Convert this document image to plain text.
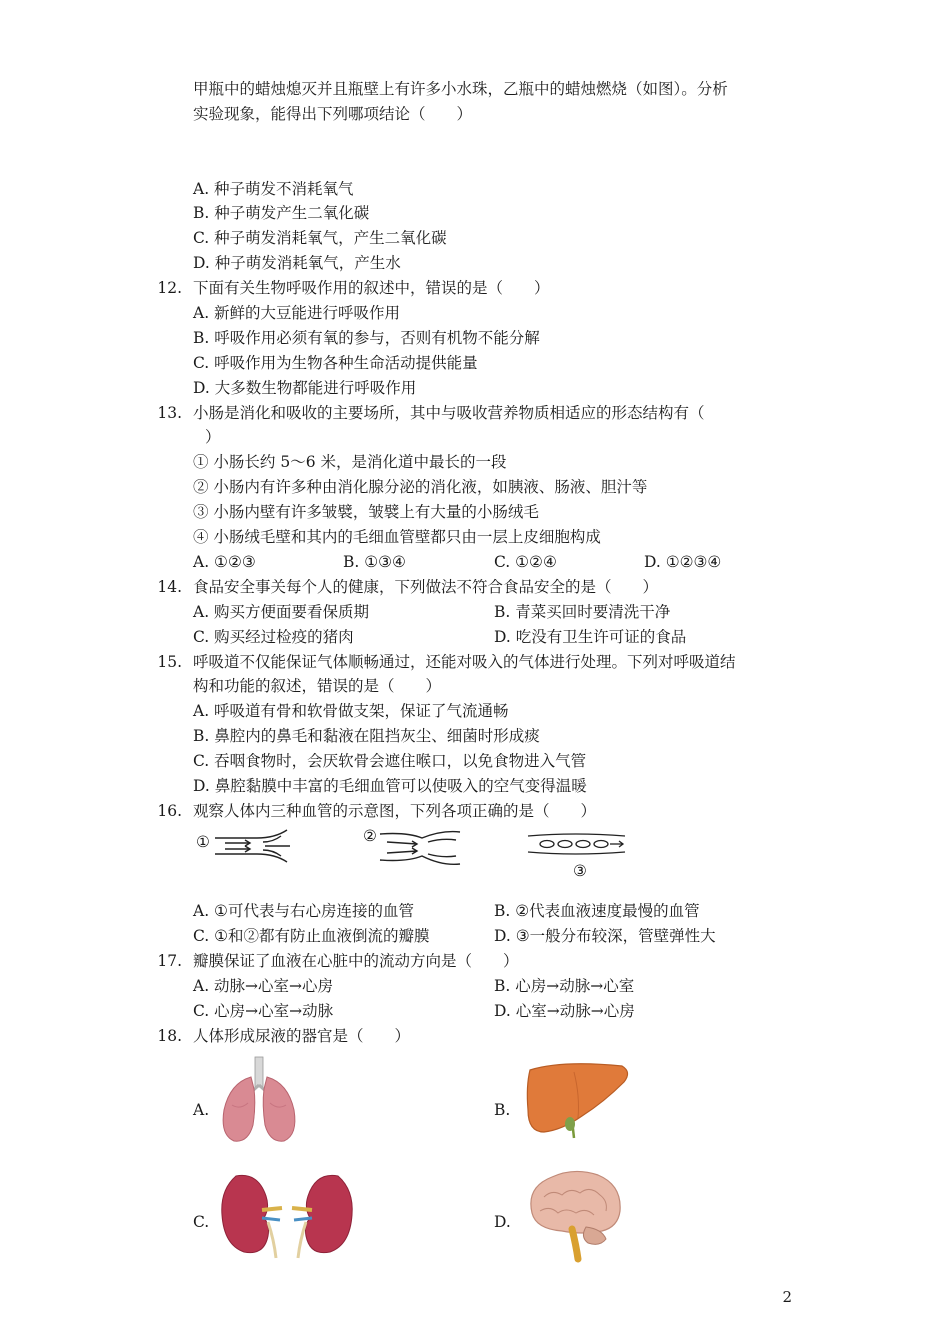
甲瓶中的蜡烛熄灭并且瓶壁上有许多小水珠，乙瓶中的蜡烛燃烧（如图）。分析
实验现象，能得出下列哪项结论（　　）
A. 种子萌发不消耗氧气
B. 种子萌发产生二氧化碳
C. 种子萌发消耗氧气，产生二氧化碳
D. 种子萌发消耗氧气，产生水
12. 下面有关生物呼吸作用的叙述中，错误的是（　　）
A. 新鲜的大豆能进行呼吸作用
B. 呼吸作用必须有氧的参与，否则有机物不能分解
C. 呼吸作用为生物各种生命活动提供能量
D. 大多数生物都能进行呼吸作用
13. 小肠是消化和吸收的主要场所，其中与吸收营养物质相适应的形态结构有（
）
① 小肠长约 5～6 米，是消化道中最长的一段
② 小肠内有许多种由消化腺分泌的消化液，如胰液、肠液、胆汁等
③ 小肠内壁有许多皱襞，皱襞上有大量的小肠绒毛
④ 小肠绒毛壁和其内的毛细血管壁都只由一层上皮细胞构成
A. ①②③	B. ①③④	C. ①②④	D. ①②③④
14. 食品安全事关每个人的健康，下列做法不符合食品安全的是（　　）
A. 购买方便面要看保质期	B. 青菜买回时要清洗干净
C. 购买经过检疫的猪肉	D. 吃没有卫生许可证的食品
15. 呼吸道不仅能保证气体顺畅通过，还能对吸入的气体进行处理。下列对呼吸道结
构和功能的叙述，错误的是（　　）
A. 呼吸道有骨和软骨做支架，保证了气流通畅
B. 鼻腔内的鼻毛和黏液在阻挡灰尘、细菌时形成痰
C. 吞咽食物时，会厌软骨会遮住喉口，以免食物进入气管
D. 鼻腔黏膜中丰富的毛细血管可以使吸入的空气变得温暖
16. 观察人体内三种血管的示意图，下列各项正确的是（　　）
①	②
③
A. ①可代表与右心房连接的血管	B. ②代表血液速度最慢的血管
C. ①和②都有防止血液倒流的瓣膜	D. ③一般分布较深，管壁弹性大
17. 瓣膜保证了血液在心脏中的流动方向是（　　）
A. 动脉→心室→心房	B. 心房→动脉→心室
C. 心房→心室→动脉	D. 心室→动脉→心房
18. 人体形成尿液的器官是（　　）
A.	B.
C.	D.
2
